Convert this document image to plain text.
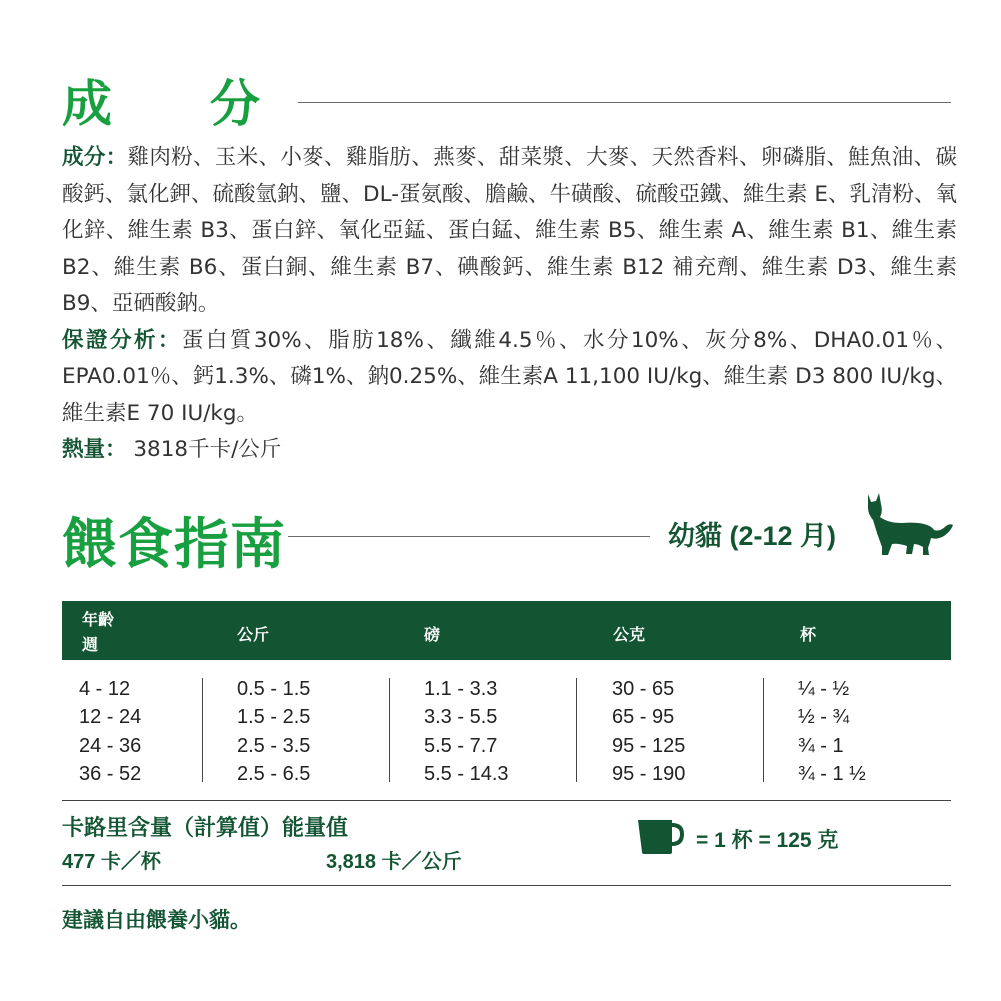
成 分

成分：雞肉粉、玉米、小麥、雞脂肪、燕麥、甜菜漿、大麥、天然香料、卵磷脂、鮭魚油、碳酸鈣、氯化鉀、硫酸氫鈉、鹽、DL-蛋氨酸、膽鹼、牛磺酸、硫酸亞鐵、維生素 E、乳清粉、氧化鋅、維生素 B3、蛋白鋅、氧化亞錳、蛋白錳、維生素 B5、維生素 A、維生素 B1、維生素 B2、維生素 B6、蛋白銅、維生素 B7、碘酸鈣、維生素 B12 補充劑、維生素 D3、維生素 B9、亞硒酸鈉。

保證分析：蛋白質30%、脂肪18%、纖維4.5％、水分10%、灰分8%、DHA0.01％、EPA0.01％、鈣1.3%、磷1%、鈉0.25%、維生素A 11,100 IU/kg、維生素 D3 800 IU/kg、維生素E 70 IU/kg。

熱量： 3818千卡/公斤

餵食指南	幼貓 (2-12 月)
年齡
週
公斤	磅	公克	杯
4 - 12	0.5 - 1.5	1.1 - 3.3	30 - 65	¼ - ½
12 - 24	1.5 - 2.5	3.3 - 5.5	65 - 95	½ - ¾
24 - 36	2.5 - 3.5	5.5 - 7.7	95 - 125	¾ - 1
36 - 52	2.5 - 6.5	5.5 - 14.3	95 - 190	¾ - 1 ½
卡路里含量（計算值）能量值
477 卡／杯	3,818 卡／公斤
= 1 杯 = 125 克
建議自由餵養小貓。
